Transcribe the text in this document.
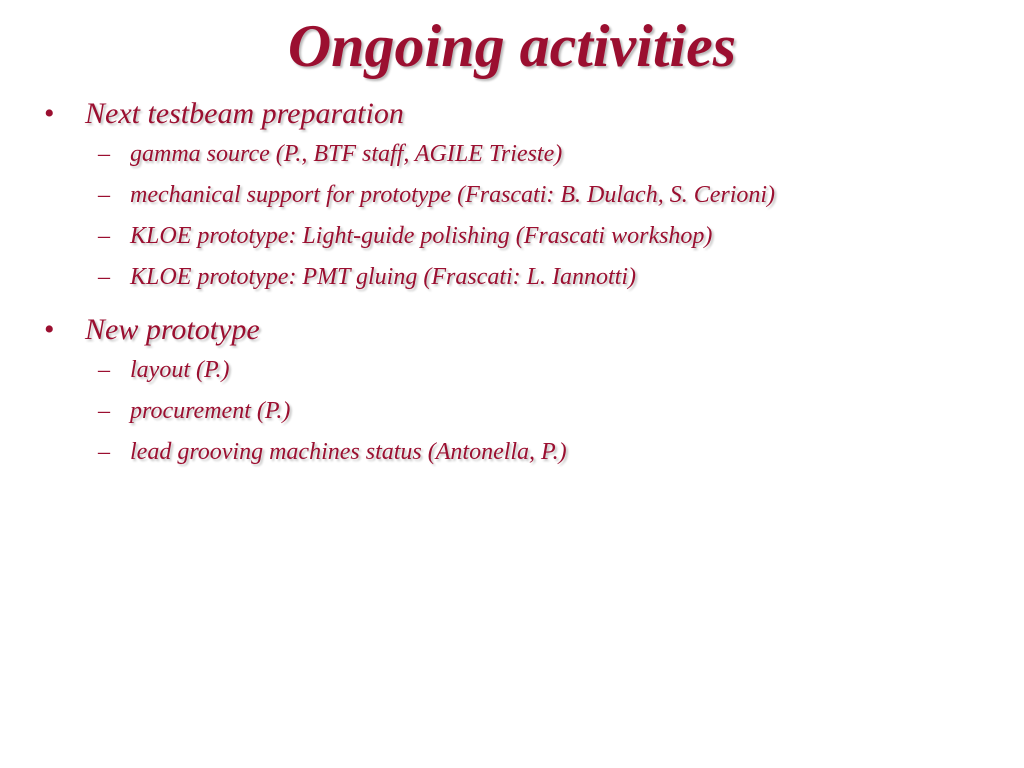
Ongoing activities
• Next testbeam preparation
– gamma source (P., BTF staff, AGILE Trieste)
– mechanical support for prototype (Frascati: B. Dulach, S. Cerioni)
– KLOE prototype: Light-guide polishing (Frascati workshop)
– KLOE prototype: PMT gluing (Frascati: L. Iannotti)
• New prototype
– layout (P.)
– procurement (P.)
– lead grooving machines status (Antonella, P.)
